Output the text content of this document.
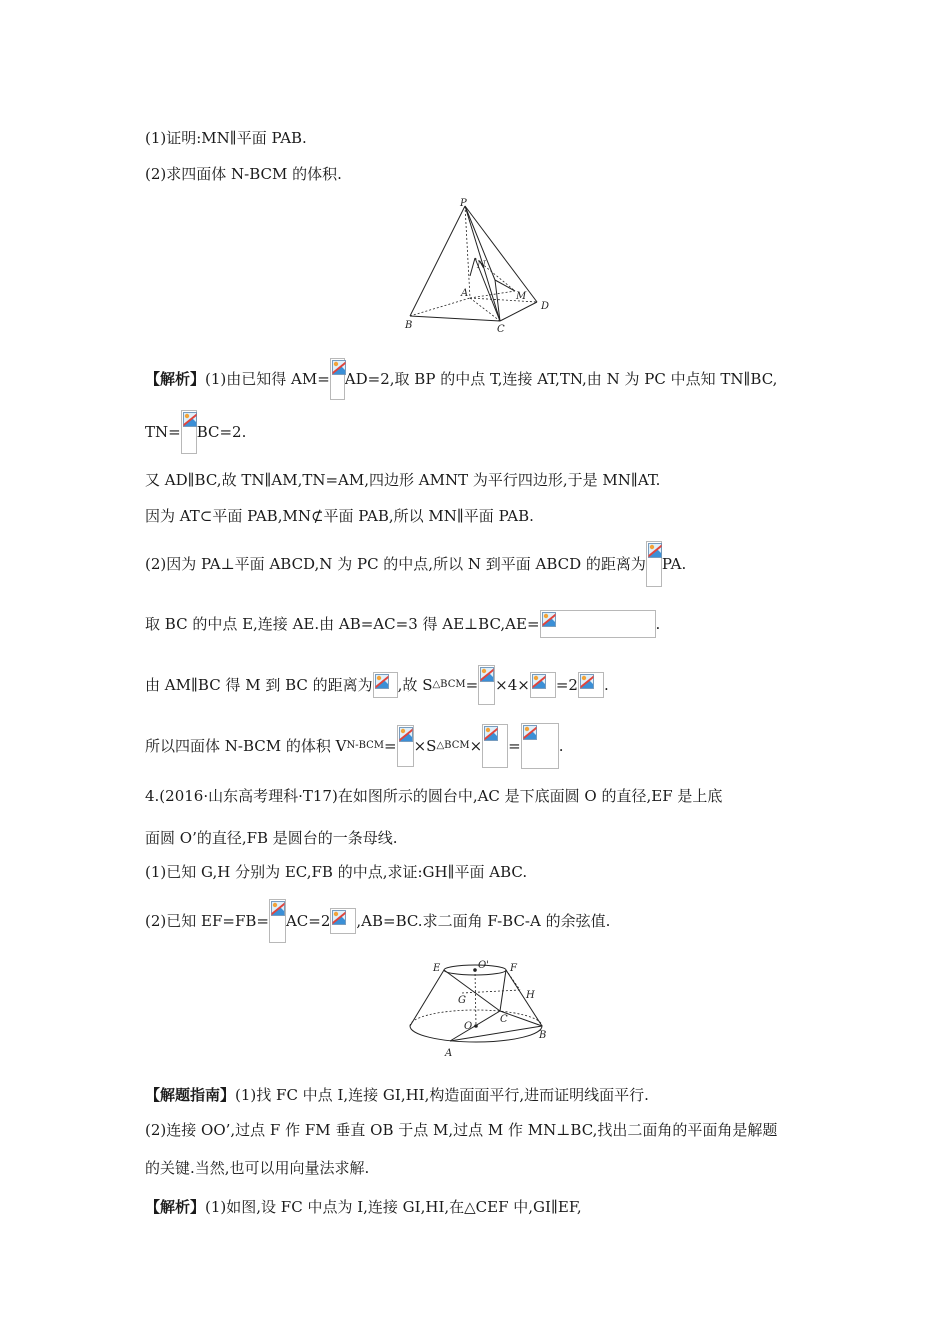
(1)证明:MN∥平面 PAB.

(2)求四面体 N-BCM 的体积.

P
N
A	M
D
B	C

【解析】(1)由已知得 AM= AD=2,取 BP 的中点 T,连接 AT,TN,由 N 为 PC 中点知 TN∥BC,

TN= BC=2.

又 AD∥BC,故 TN∥AM,TN=AM,四边形 AMNT 为平行四边形,于是 MN∥AT.

因为 AT⊂平面 PAB,MN⊄平面 PAB,所以 MN∥平面 PAB.

(2)因为 PA⊥平面 ABCD,N 为 PC 的中点,所以 N 到平面 ABCD 的距离为 PA.

取 BC 的中点 E,连接 AE.由 AB=AC=3 得 AE⊥BC,AE=	.

由 AM∥BC 得 M 到 BC 的距离为 ,故 S△BCM= ×4× =2 .

所以四面体 N-BCM 的体积 VN-BCM= ×S△BCM× =	.

4.(2016·山东高考理科·T17)在如图所示的圆台中,AC 是下底面圆 O 的直径,EF 是上底

面圆 O’的直径,FB 是圆台的一条母线.

(1)已知 G,H 分别为 EC,FB 的中点,求证:GH∥平面 ABC.

(2)已知 EF=FB= AC=2 ,AB=BC.求二面角 F-BC-A 的余弦值.

E	O' F
G	H
C
O
B
A

【解题指南】(1)找 FC 中点 I,连接 GI,HI,构造面面平行,进而证明线面平行.

(2)连接 OO’,过点 F 作 FM 垂直 OB 于点 M,过点 M 作 MN⊥BC,找出二面角的平面角是解题

的关键.当然,也可以用向量法求解.

【解析】(1)如图,设 FC 中点为 I,连接 GI,HI,在△CEF 中,GI∥EF,
